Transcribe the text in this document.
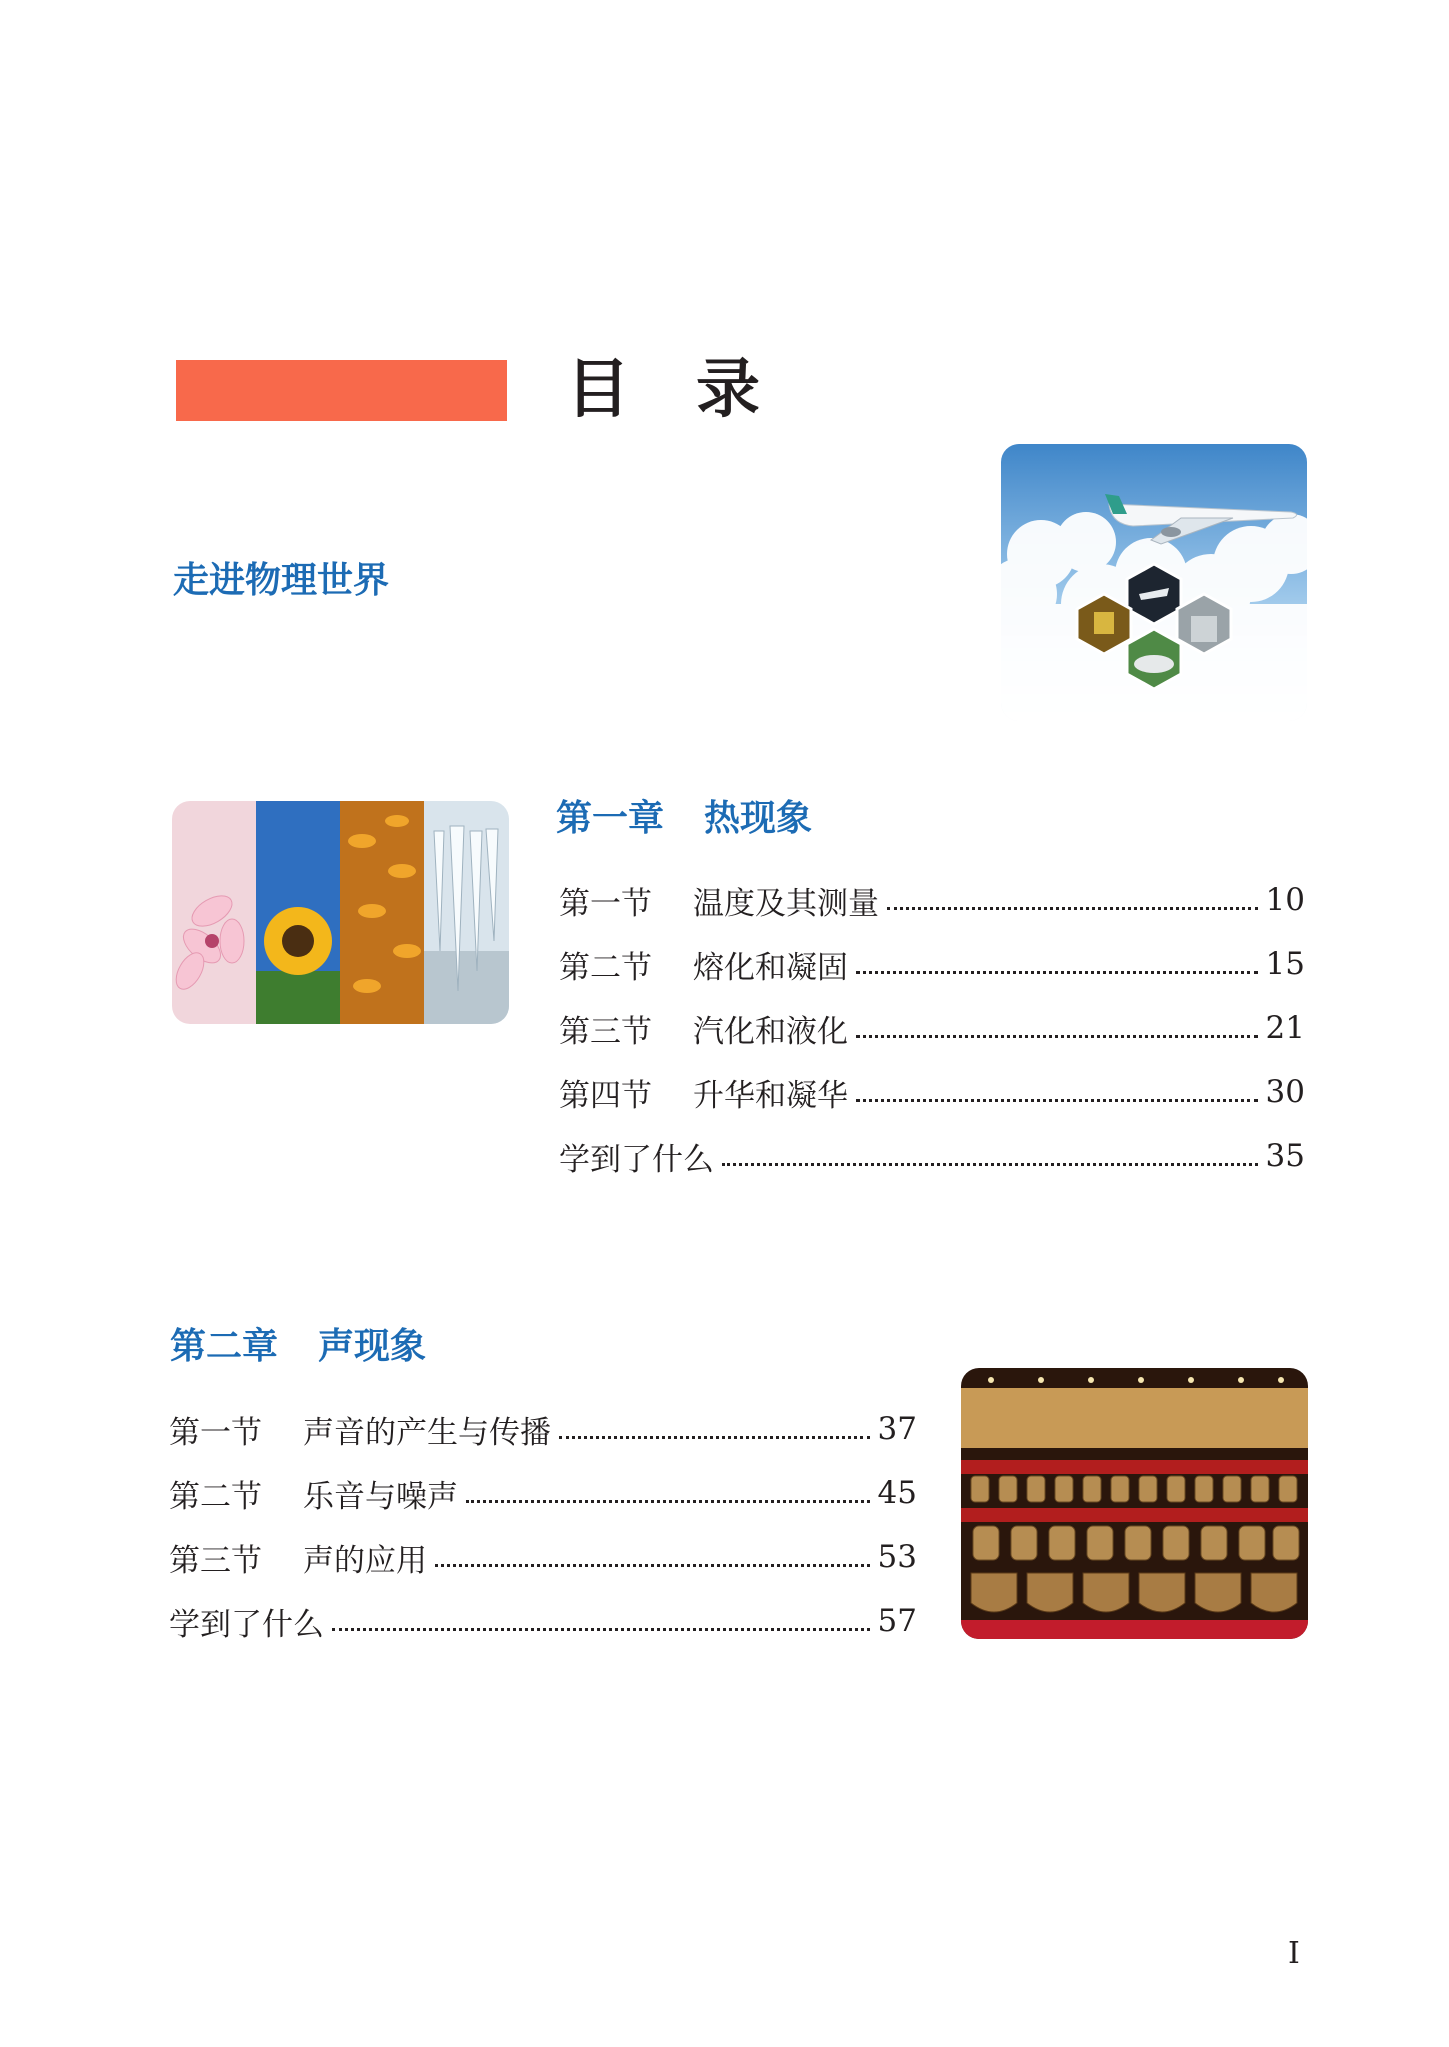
目 录
走进物理世界
第一章 热现象
第一节	温度及其测量	10
第二节	熔化和凝固	15
第三节	汽化和液化	21
第四节	升华和凝华	30
学到了什么	35
第二章 声现象
第一节	声音的产生与传播	37
第二节	乐音与噪声	45
第三节	声的应用	53
学到了什么	57
I
